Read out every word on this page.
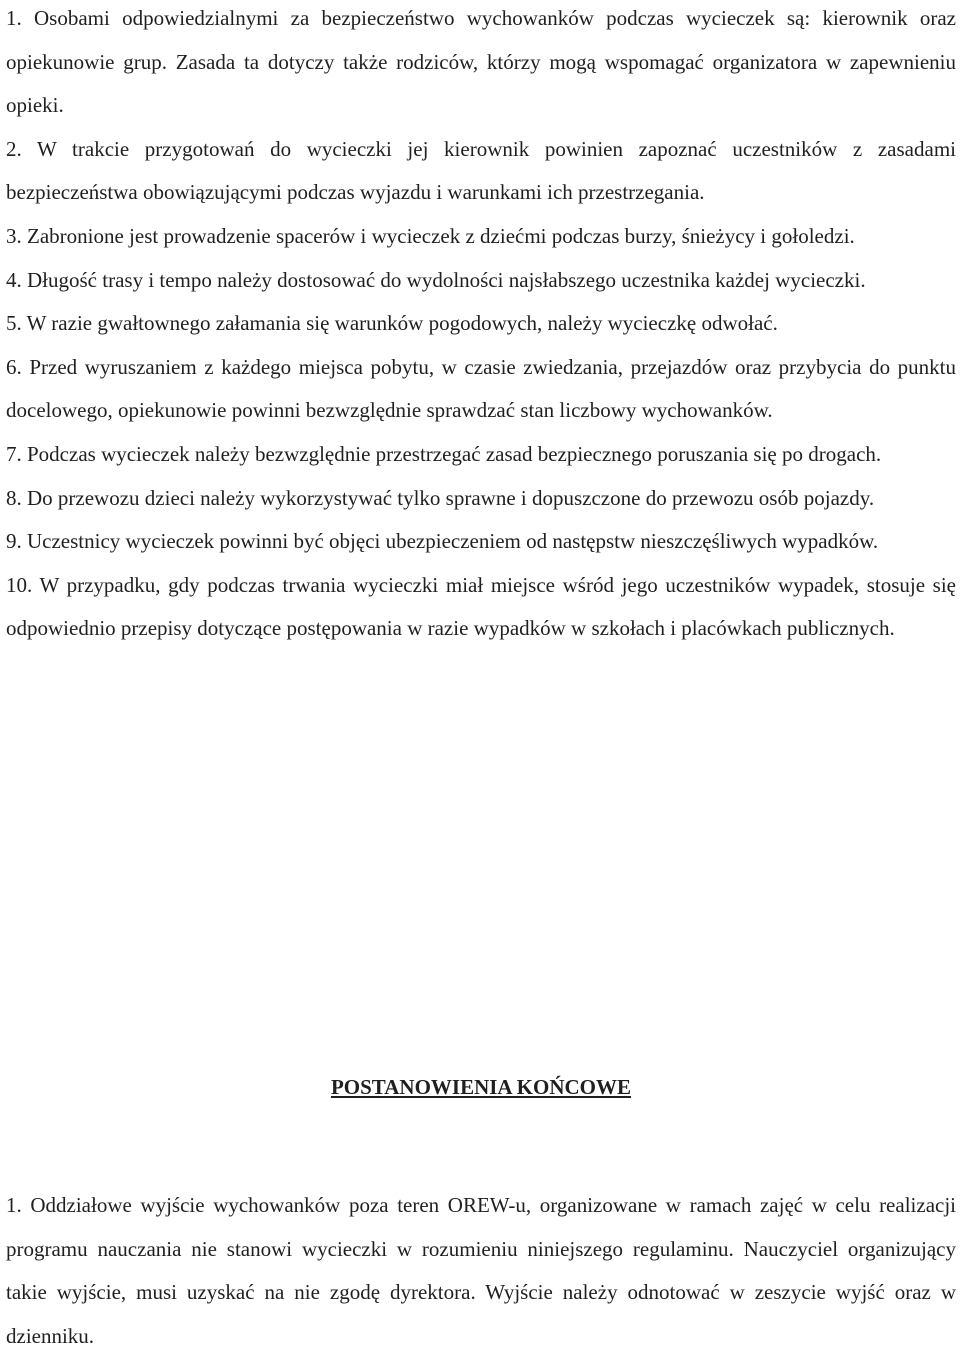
1. Osobami odpowiedzialnymi za bezpieczeństwo wychowanków podczas wycieczek są: kierownik oraz opiekunowie grup. Zasada ta dotyczy także rodziców, którzy mogą wspomagać organizatora w zapewnieniu opieki.

2. W trakcie przygotowań do wycieczki jej kierownik powinien zapoznać uczestników z zasadami bezpieczeństwa obowiązującymi podczas wyjazdu i warunkami ich przestrzegania.

3. Zabronione jest prowadzenie spacerów i wycieczek z dziećmi podczas burzy, śnieżycy i gołoledzi.

4. Długość trasy i tempo należy dostosować do wydolności najsłabszego uczestnika każdej wycieczki.

5. W razie gwałtownego załamania się warunków pogodowych, należy wycieczkę odwołać.

6. Przed wyruszaniem z każdego miejsca pobytu, w czasie zwiedzania, przejazdów oraz przybycia do punktu docelowego, opiekunowie powinni bezwzględnie sprawdzać stan liczbowy wychowanków.

7. Podczas wycieczek należy bezwzględnie przestrzegać zasad bezpiecznego poruszania się po drogach.

8. Do przewozu dzieci należy wykorzystywać tylko sprawne i dopuszczone do przewozu osób pojazdy.

9. Uczestnicy wycieczek powinni być objęci ubezpieczeniem od następstw nieszczęśliwych wypadków.

10. W przypadku, gdy podczas trwania wycieczki miał miejsce wśród jego uczestników wypadek, stosuje się odpowiednio przepisy dotyczące postępowania w razie wypadków w szkołach i placówkach publicznych.

POSTANOWIENIA KOŃCOWE

1. Oddziałowe wyjście wychowanków poza teren OREW-u, organizowane w ramach zajęć w celu realizacji programu nauczania nie stanowi wycieczki w rozumieniu niniejszego regulaminu. Nauczyciel organizujący takie wyjście, musi uzyskać na nie zgodę dyrektora. Wyjście należy odnotować w zeszycie wyjść oraz w dzienniku.
